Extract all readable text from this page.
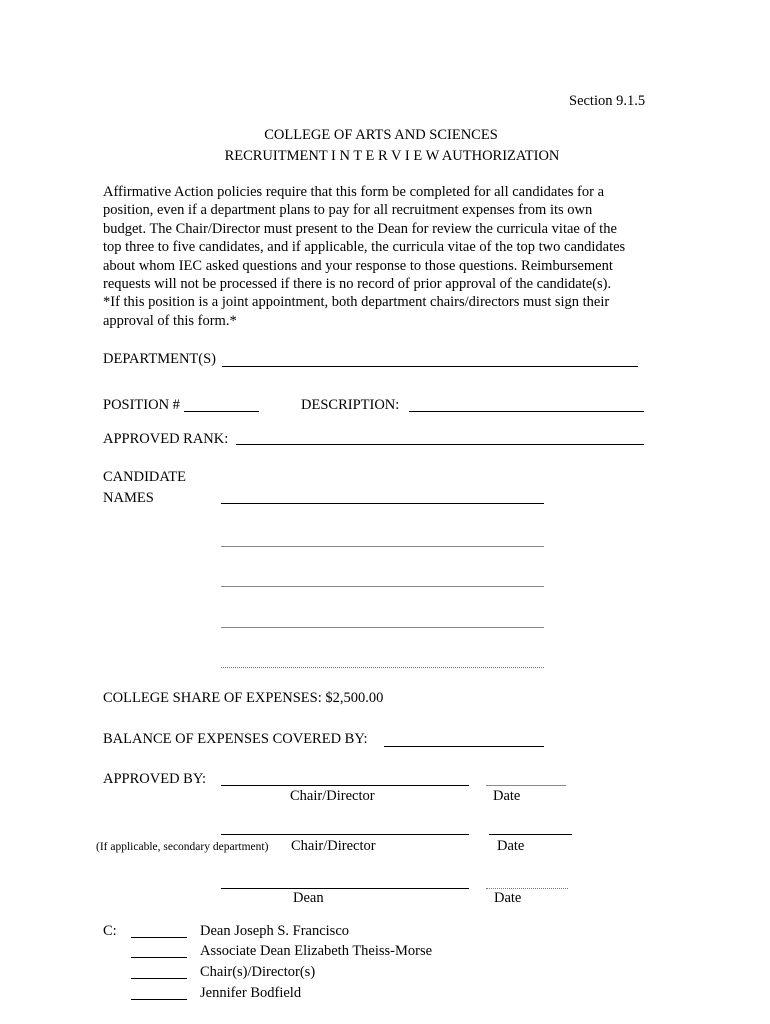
Section 9.1.5
COLLEGE OF ARTS AND SCIENCES
RECRUITMENT I N T E R V I E W AUTHORIZATION
Affirmative Action policies require that this form be completed for all candidates for a
position, even if a department plans to pay for all recruitment expenses from its own
budget. The Chair/Director must present to the Dean for review the curricula vitae of the
top three to five candidates, and if applicable, the curricula vitae of the top two candidates
about whom IEC asked questions and your response to those questions. Reimbursement
requests will not be processed if there is no record of prior approval of the candidate(s).
*If this position is a joint appointment, both department chairs/directors must sign their
approval of this form.*
DEPARTMENT(S)
POSITION #	DESCRIPTION:
APPROVED RANK:
CANDIDATE
NAMES
COLLEGE SHARE OF EXPENSES: $2,500.00
BALANCE OF EXPENSES COVERED BY:
APPROVED BY:
Chair/Director	Date
(If applicable, secondary department) Chair/Director	Date
Dean	Date
C:	Dean Joseph S. Francisco
Associate Dean Elizabeth Theiss-Morse
Chair(s)/Director(s)
Jennifer Bodfield
